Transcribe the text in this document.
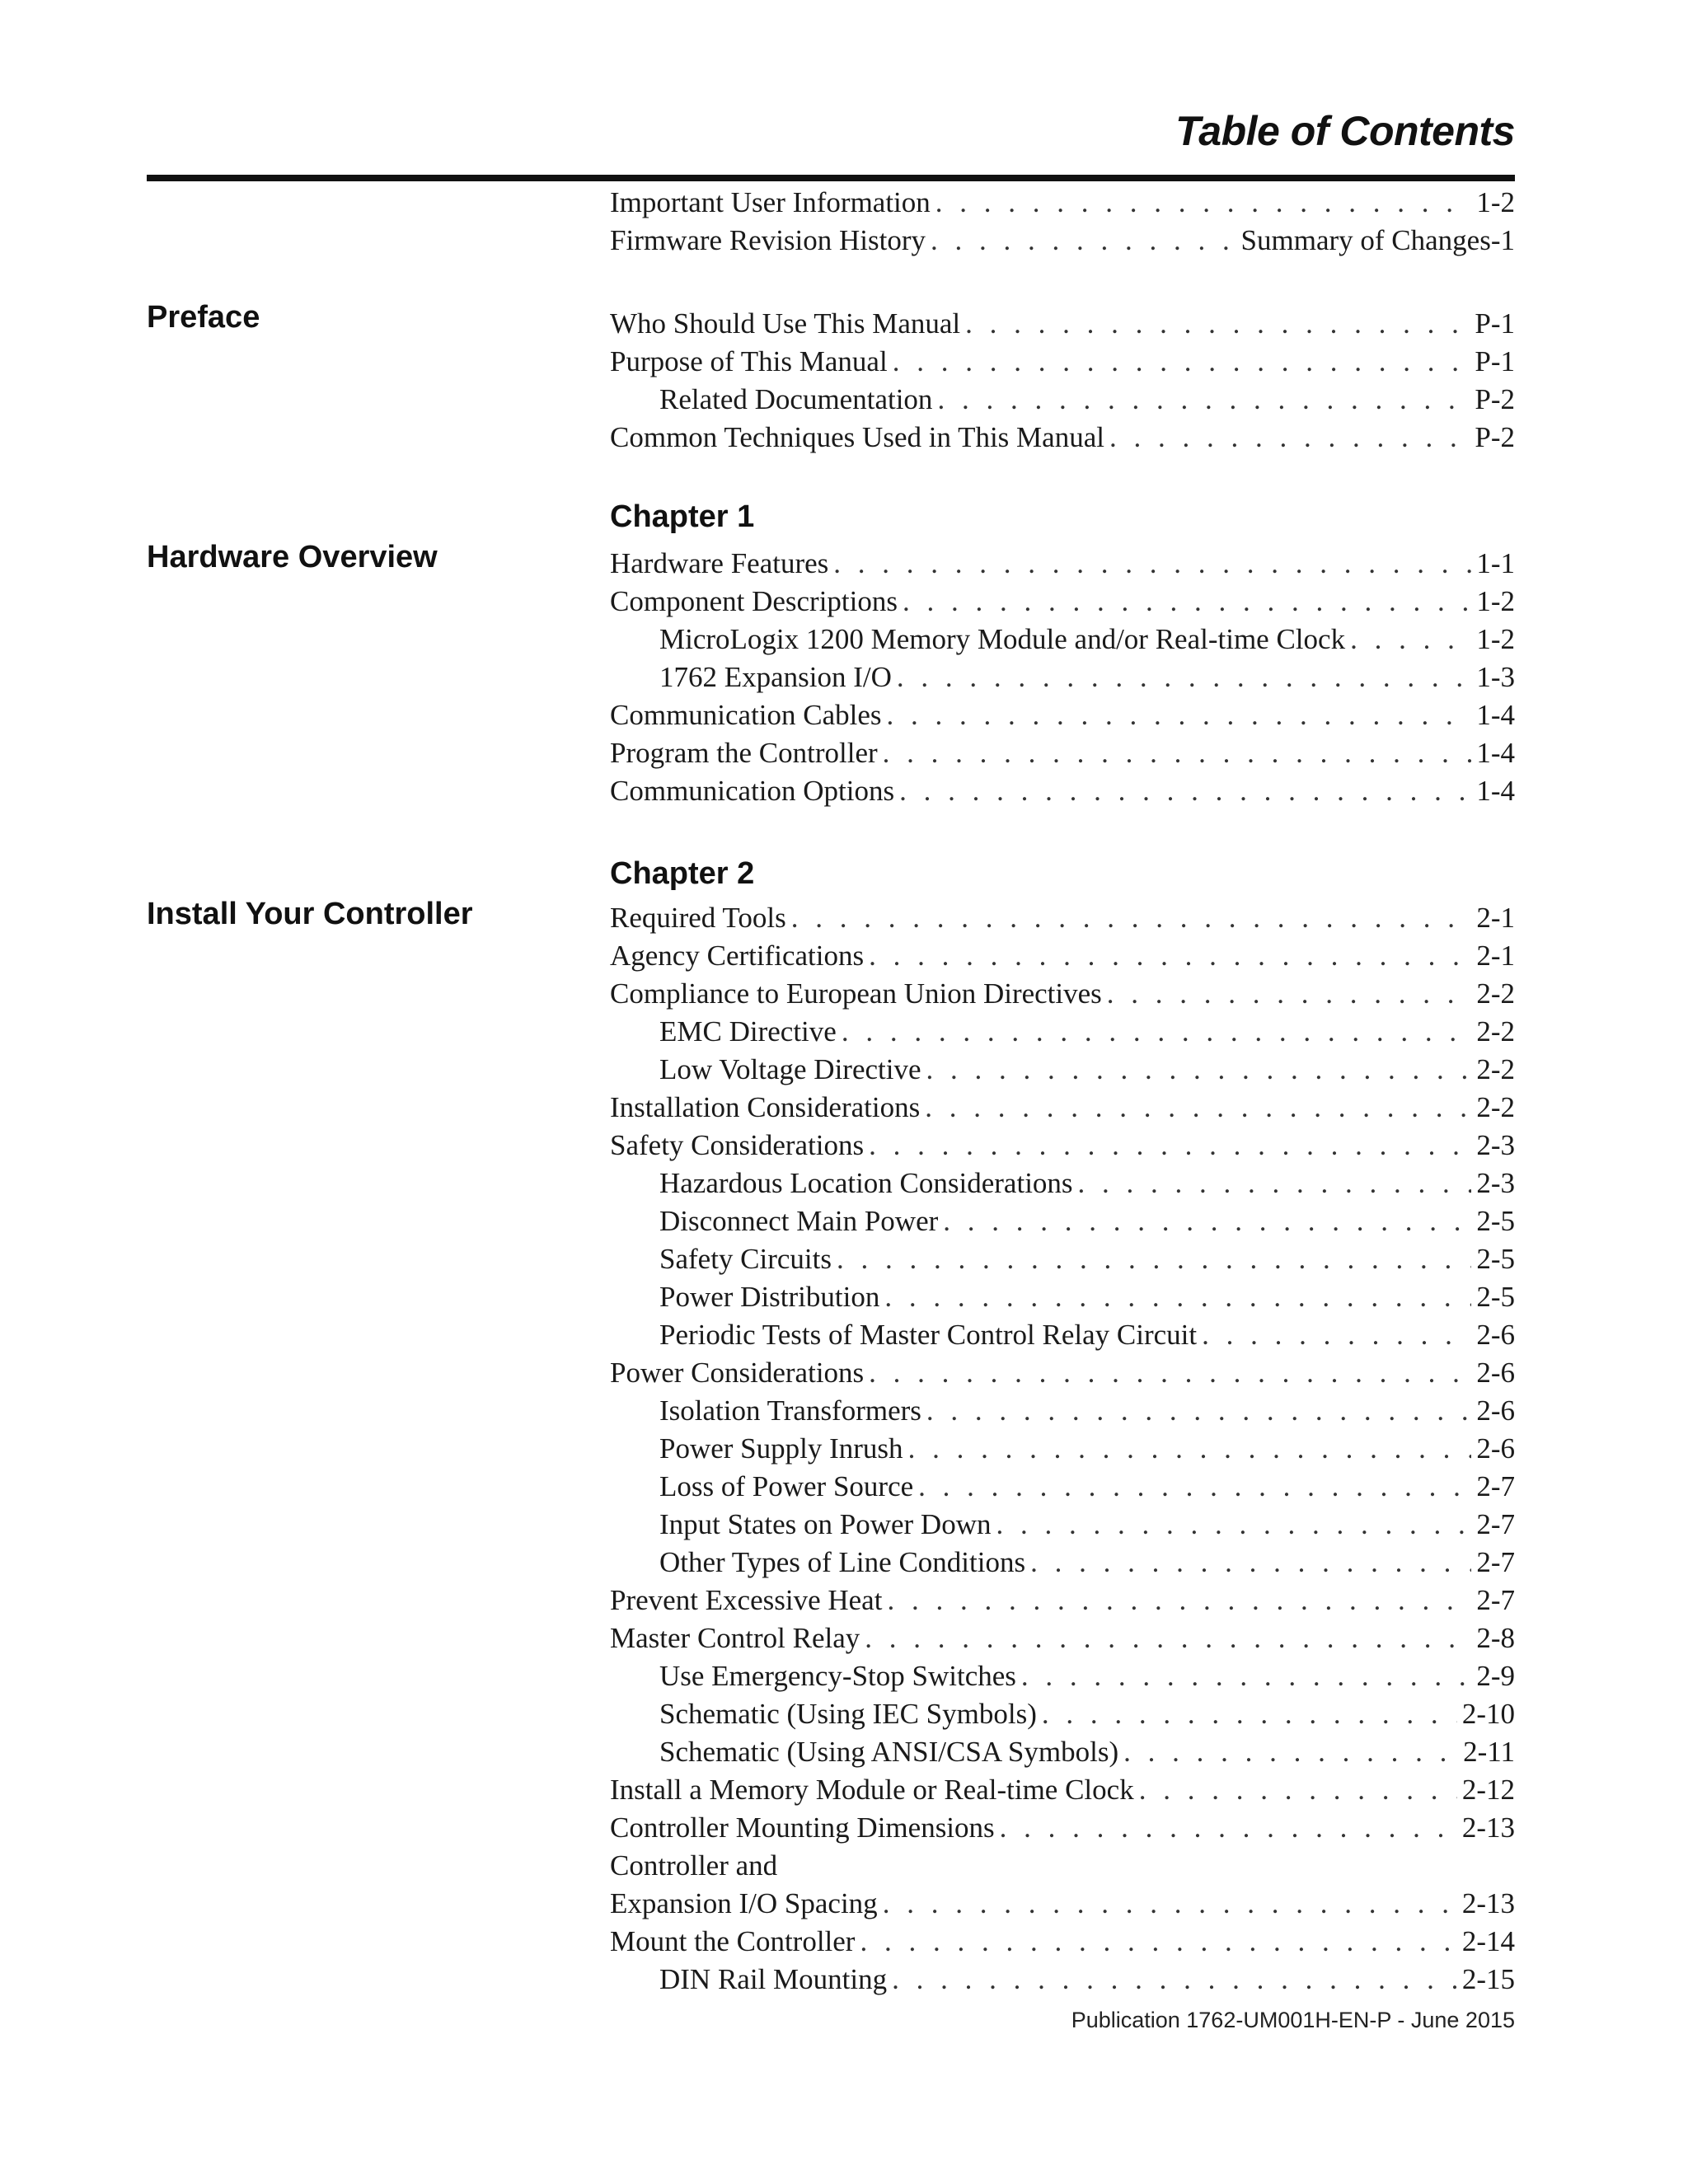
Table of Contents
Preface
Hardware Overview
Install Your Controller
Chapter 1
Chapter 2
Important User Information . . .	1-2
Firmware Revision History . . .	Summary of Changes-1
Who Should Use This Manual . . .	P-1
Purpose of This Manual . . .	P-1
Related Documentation . . .	P-2
Common Techniques Used in This Manual . . .	P-2
Hardware Features . . .	1-1
Component Descriptions . . .	1-2
MicroLogix 1200 Memory Module and/or Real-time Clock . . .	1-2
1762 Expansion I/O . . .	1-3
Communication Cables . . .	1-4
Program the Controller . . .	1-4
Communication Options . . .	1-4
Required Tools . . .	2-1
Agency Certifications . . .	2-1
Compliance to European Union Directives . . .	2-2
EMC Directive . . .	2-2
Low Voltage Directive . . .	2-2
Installation Considerations . . .	2-2
Safety Considerations . . .	2-3
Hazardous Location Considerations . . .	2-3
Disconnect Main Power . . .	2-5
Safety Circuits . . .	2-5
Power Distribution . . .	2-5
Periodic Tests of Master Control Relay Circuit . . .	2-6
Power Considerations . . .	2-6
Isolation Transformers . . .	2-6
Power Supply Inrush . . .	2-6
Loss of Power Source . . .	2-7
Input States on Power Down . . .	2-7
Other Types of Line Conditions . . .	2-7
Prevent Excessive Heat . . .	2-7
Master Control Relay . . .	2-8
Use Emergency-Stop Switches . . .	2-9
Schematic (Using IEC Symbols) . . .	2-10
Schematic (Using ANSI/CSA Symbols) . . .	2-11
Install a Memory Module or Real-time Clock . . .	2-12
Controller Mounting Dimensions . . .	2-13
Controller and
Expansion I/O Spacing . . .	2-13
Mount the Controller . . .	2-14
DIN Rail Mounting . . .	2-15
Publication 1762-UM001H-EN-P - June 2015
